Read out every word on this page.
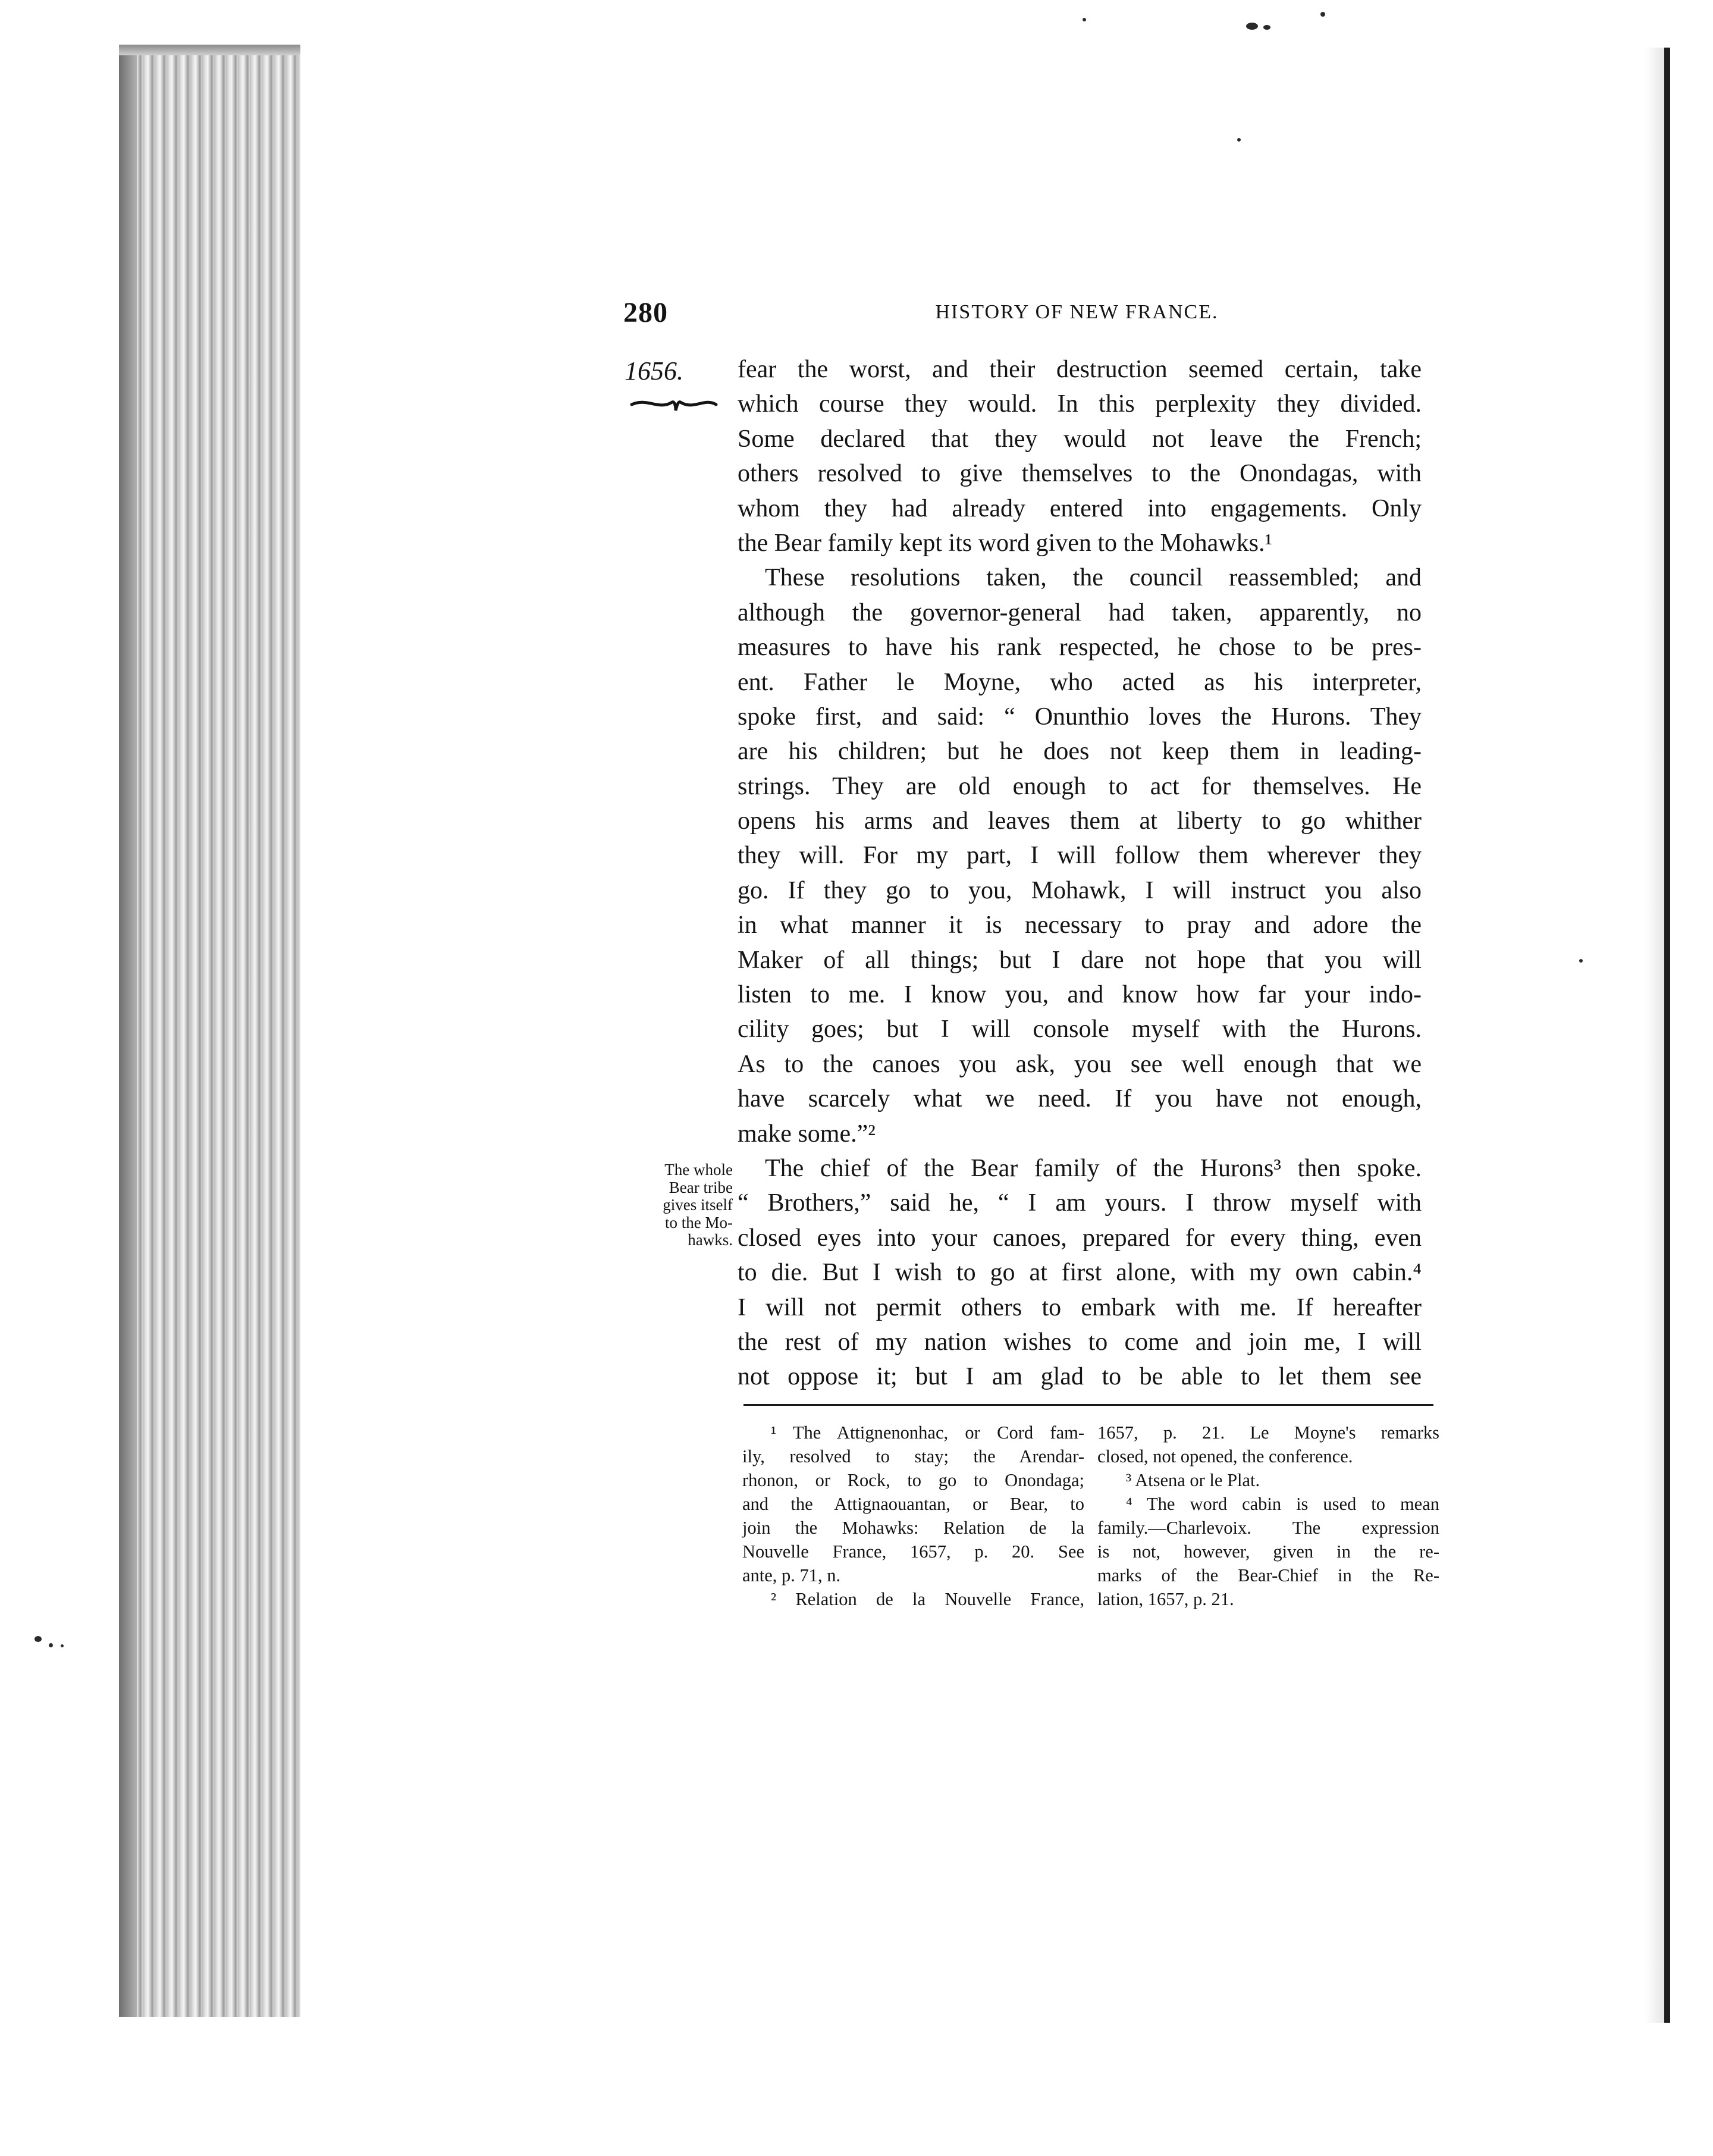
280	HISTORY OF NEW FRANCE.
1656. fear the worst, and their destruction seemed certain, take
which course they would. In this perplexity they divided.
Some declared that they would not leave the French;
others resolved to give themselves to the Onondagas, with
whom they had already entered into engagements. Only
the Bear family kept its word given to the Mohawks.¹
These resolutions taken, the council reassembled; and
although the governor-general had taken, apparently, no
measures to have his rank respected, he chose to be pres-
ent. Father le Moyne, who acted as his interpreter,
spoke first, and said: “ Onunthio loves the Hurons. They
are his children; but he does not keep them in leading-
strings. They are old enough to act for themselves. He
opens his arms and leaves them at liberty to go whither
they will. For my part, I will follow them wherever they
go. If they go to you, Mohawk, I will instruct you also
in what manner it is necessary to pray and adore the
Maker of all things; but I dare not hope that you will
listen to me. I know you, and know how far your indo-
cility goes; but I will console myself with the Hurons.
As to the canoes you ask, you see well enough that we
have scarcely what we need. If you have not enough,
make some.”²
The chief of the Bear family of the Hurons³ then spoke.
“ Brothers,” said he, “ I am yours. I throw myself with
closed eyes into your canoes, prepared for every thing, even
to die. But I wish to go at first alone, with my own cabin.⁴
I will not permit others to embark with me. If hereafter
the rest of my nation wishes to come and join me, I will
not oppose it; but I am glad to be able to let them see
The whole
Bear tribe
gives itself
to the Mo-
hawks.
¹ The Attignenonhac, or Cord fam-
ily, resolved to stay; the Arendar-
rhonon, or Rock, to go to Onondaga;
and the Attignaouantan, or Bear, to
join the Mohawks: Relation de la
Nouvelle France, 1657, p. 20. See
ante, p. 71, n.
² Relation de la Nouvelle France,
1657, p. 21. Le Moyne's remarks
closed, not opened, the conference.
³ Atsena or le Plat.
⁴ The word cabin is used to mean
family.—Charlevoix. The expression
is not, however, given in the re-
marks of the Bear-Chief in the Re-
lation, 1657, p. 21.
